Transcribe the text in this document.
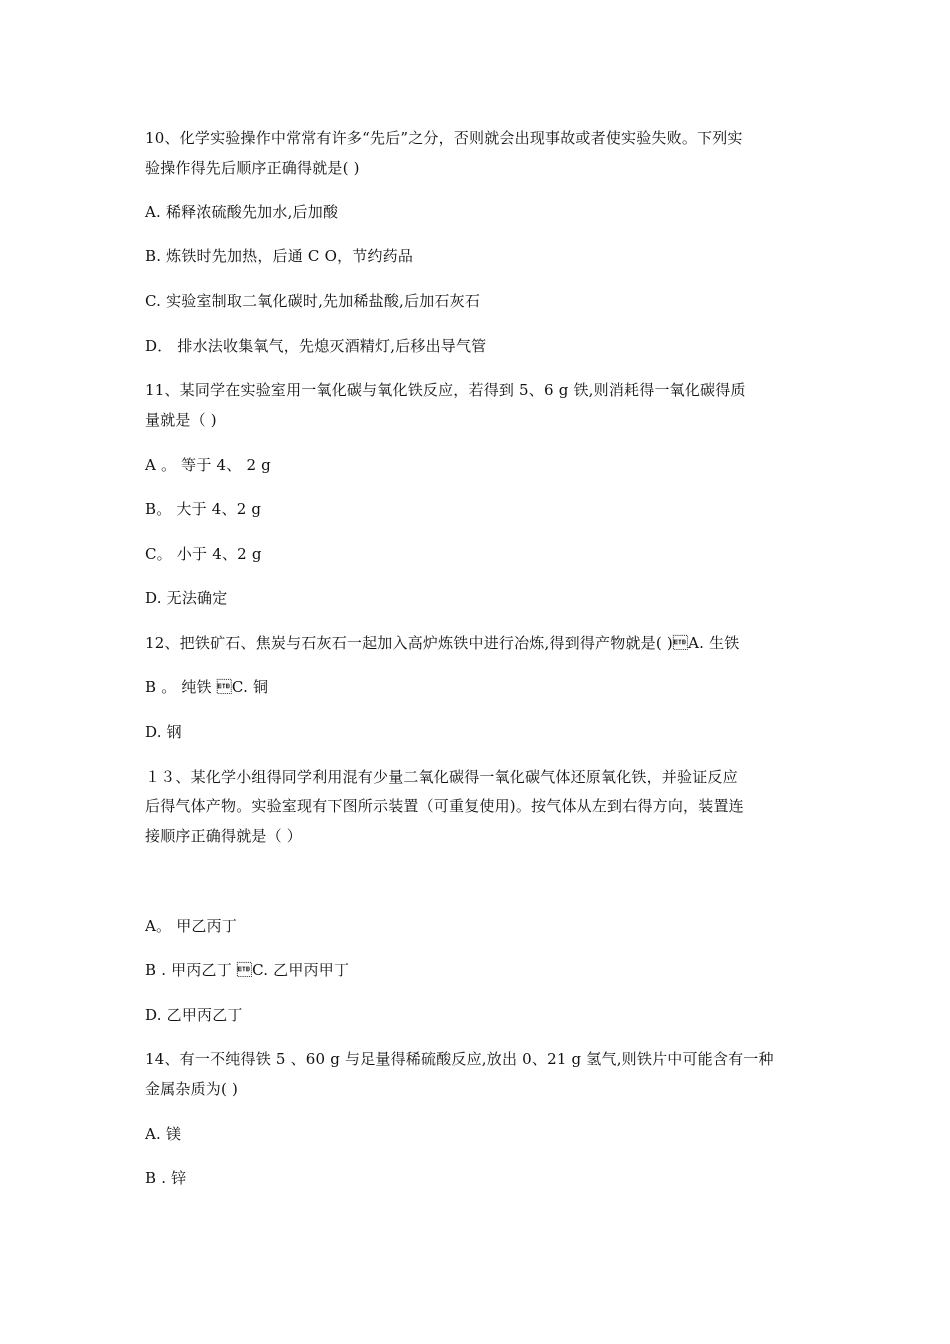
10、化学实验操作中常常有许多“先后”之分，否则就会出现事故或者使实验失败。下列实
验操作得先后顺序正确得就是( )
A. 稀释浓硫酸先加水,后加酸
B. 炼铁时先加热，后通 C O，节约药品
C. 实验室制取二氧化碳时,先加稀盐酸,后加石灰石
D． 排水法收集氧气，先熄灭酒精灯,后移出导气管
11、某同学在实验室用一氧化碳与氧化铁反应，若得到 5、6 g 铁,则消耗得一氧化碳得质
量就是（ )
A 。 等于 4、 2 g
B。 大于 4、2 g
C。 小于 4、2 g
D. 无法确定
12、把铁矿石、焦炭与石灰石一起加入高炉炼铁中进行冶炼,得到得产物就是( )A. 生铁
B 。 纯铁 C. 铜
D. 钢
１３、某化学小组得同学利用混有少量二氧化碳得一氧化碳气体还原氧化铁，并验证反应
后得气体产物。实验室现有下图所示装置（可重复使用)。按气体从左到右得方向，装置连
接顺序正确得就是（ ）
A。 甲乙丙丁
B . 甲丙乙丁 C. 乙甲丙甲丁
D. 乙甲丙乙丁
14、有一不纯得铁 5 、60 g 与足量得稀硫酸反应,放出 0、21 g 氢气,则铁片中可能含有一种
金属杂质为( )
A. 镁
B . 锌
